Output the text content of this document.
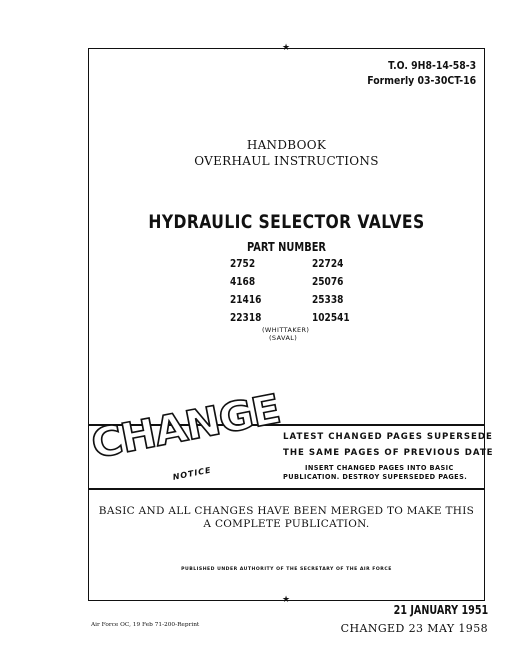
★
★
T.O. 9H8-14-58-3
Formerly 03-30CT-16
HANDBOOK
OVERHAUL INSTRUCTIONS
HYDRAULIC SELECTOR VALVES
PART NUMBER
2752	22724
4168	25076
21416	25338
22318	102541
(WHITTAKER)
(SAVAL)
CHANGE
NOTICE
LATEST CHANGED PAGES SUPERSEDE
THE SAME PAGES OF PREVIOUS DATE
INSERT CHANGED PAGES INTO BASIC
PUBLICATION. DESTROY SUPERSEDED PAGES.
BASIC AND ALL CHANGES HAVE BEEN MERGED TO MAKE THIS
A COMPLETE PUBLICATION.
PUBLISHED UNDER AUTHORITY OF THE SECRETARY OF THE AIR FORCE
21 JANUARY 1951
CHANGED 23 MAY 1958
Air Force OC, 19 Feb 71-200-Reprint
